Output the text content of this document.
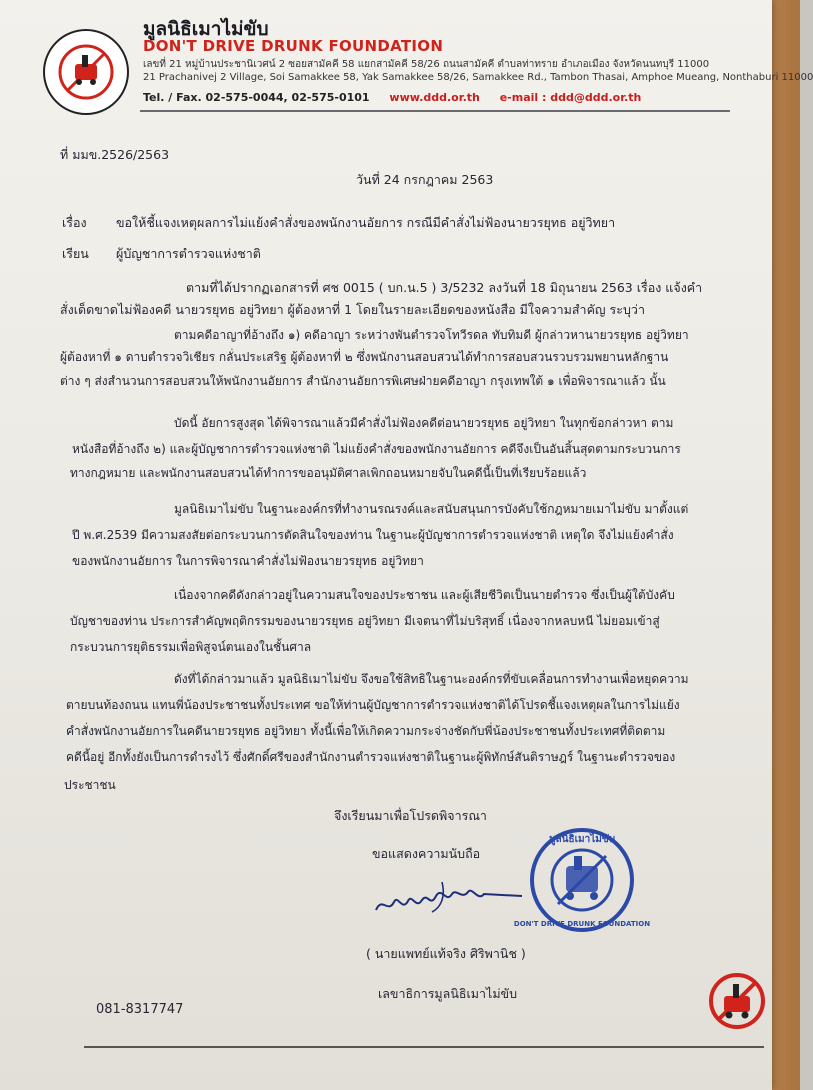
มูลนิธิเมาไม่ขับ
DON'T DRIVE DRUNK FOUNDATION
เลขที่ 21 หมู่บ้านประชานิเวศน์ 2 ซอยสามัคคี 58 แยกสามัคคี 58/26 ถนนสามัคคี ตำบลท่าทราย อำเภอเมือง จังหวัดนนทบุรี 11000
21 Prachanivej 2 Village, Soi Samakkee 58, Yak Samakkee 58/26, Samakkee Rd., Tambon Thasai, Amphoe Mueang, Nonthaburi 11000
Tel. / Fax. 02-575-0044, 02-575-0101 www.ddd.or.th e-mail : ddd@ddd.or.th
ที่ มมข.2526/2563
วันที่ 24 กรกฎาคม 2563
เรื่อง ขอให้ชี้แจงเหตุผลการไม่แย้งคำสั่งของพนักงานอัยการ กรณีมีคำสั่งไม่ฟ้องนายวรยุทธ อยู่วิทยา
เรียน ผู้บัญชาการตำรวจแห่งชาติ
ตามที่ได้ปรากฏเอกสารที่ ศช 0015 ( บก.น.5 ) 3/5232 ลงวันที่ 18 มิถุนายน 2563 เรื่อง แจ้งคำ
สั่งเด็ดขาดไม่ฟ้องคดี นายวรยุทธ อยู่วิทยา ผู้ต้องหาที่ 1 โดยในรายละเอียดของหนังสือ มีใจความสำคัญ ระบุว่า
ตามคดีอาญาที่อ้างถึง ๑) คดีอาญา ระหว่างพันตำรวจโทวีรดล ทับทิมดี ผู้กล่าวหานายวรยุทธ อยู่วิทยา
ผู้ต้องหาที่ ๑ ดาบตำรวจวิเชียร กลั่นประเสริฐ ผู้ต้องหาที่ ๒ ซึ่งพนักงานสอบสวนได้ทำการสอบสวนรวบรวมพยานหลักฐาน
ต่าง ๆ ส่งสำนวนการสอบสวนให้พนักงานอัยการ สำนักงานอัยการพิเศษฝ่ายคดีอาญา กรุงเทพใต้ ๑ เพื่อพิจารณาแล้ว นั้น
บัดนี้ อัยการสูงสุด ได้พิจารณาแล้วมีคำสั่งไม่ฟ้องคดีต่อนายวรยุทธ อยู่วิทยา ในทุกข้อกล่าวหา ตาม
หนังสือที่อ้างถึง ๒) และผู้บัญชาการตำรวจแห่งชาติ ไม่แย้งคำสั่งของพนักงานอัยการ คดีจึงเป็นอันสิ้นสุดตามกระบวนการ
ทางกฎหมาย และพนักงานสอบสวนได้ทำการขออนุมัติศาลเพิกถอนหมายจับในคดีนี้เป็นที่เรียบร้อยแล้ว
มูลนิธิเมาไม่ขับ ในฐานะองค์กรที่ทำงานรณรงค์และสนับสนุนการบังคับใช้กฎหมายเมาไม่ขับ มาตั้งแต่
ปี พ.ศ.2539 มีความสงสัยต่อกระบวนการตัดสินใจของท่าน ในฐานะผู้บัญชาการตำรวจแห่งชาติ เหตุใด จึงไม่แย้งคำสั่ง
ของพนักงานอัยการ ในการพิจารณาคำสั่งไม่ฟ้องนายวรยุทธ อยู่วิทยา
เนื่องจากคดีดังกล่าวอยู่ในความสนใจของประชาชน และผู้เสียชีวิตเป็นนายตำรวจ ซึ่งเป็นผู้ใต้บังคับ
บัญชาของท่าน ประการสำคัญพฤติกรรมของนายวรยุทธ อยู่วิทยา มีเจตนาที่ไม่บริสุทธิ์ เนื่องจากหลบหนี ไม่ยอมเข้าสู่
กระบวนการยุติธรรมเพื่อพิสูจน์ตนเองในชั้นศาล
ดังที่ได้กล่าวมาแล้ว มูลนิธิเมาไม่ขับ จึงขอใช้สิทธิในฐานะองค์กรที่ขับเคลื่อนการทำงานเพื่อหยุดความ
ตายบนท้องถนน แทนพี่น้องประชาชนทั้งประเทศ ขอให้ท่านผู้บัญชาการตำรวจแห่งชาติได้โปรดชี้แจงเหตุผลในการไม่แย้ง
คำสั่งพนักงานอัยการในคดีนายวรยุทธ อยู่วิทยา ทั้งนี้เพื่อให้เกิดความกระจ่างชัดกับพี่น้องประชาชนทั้งประเทศที่ติดตาม
คดีนี้อยู่ อีกทั้งยังเป็นการดำรงไว้ ซึ่งศักดิ์ศรีของสำนักงานตำรวจแห่งชาติในฐานะผู้พิทักษ์สันติราษฎร์ ในฐานะตำรวจของ
ประชาชน
จึงเรียนมาเพื่อโปรดพิจารณา
ขอแสดงความนับถือ
มูลนิธิเมาไม่ขับ
DON'T DRIVE DRUNK FOUNDATION
( นายแพทย์แท้จริง ศิริพานิช )
เลขาธิการมูลนิธิเมาไม่ขับ
081-8317747
